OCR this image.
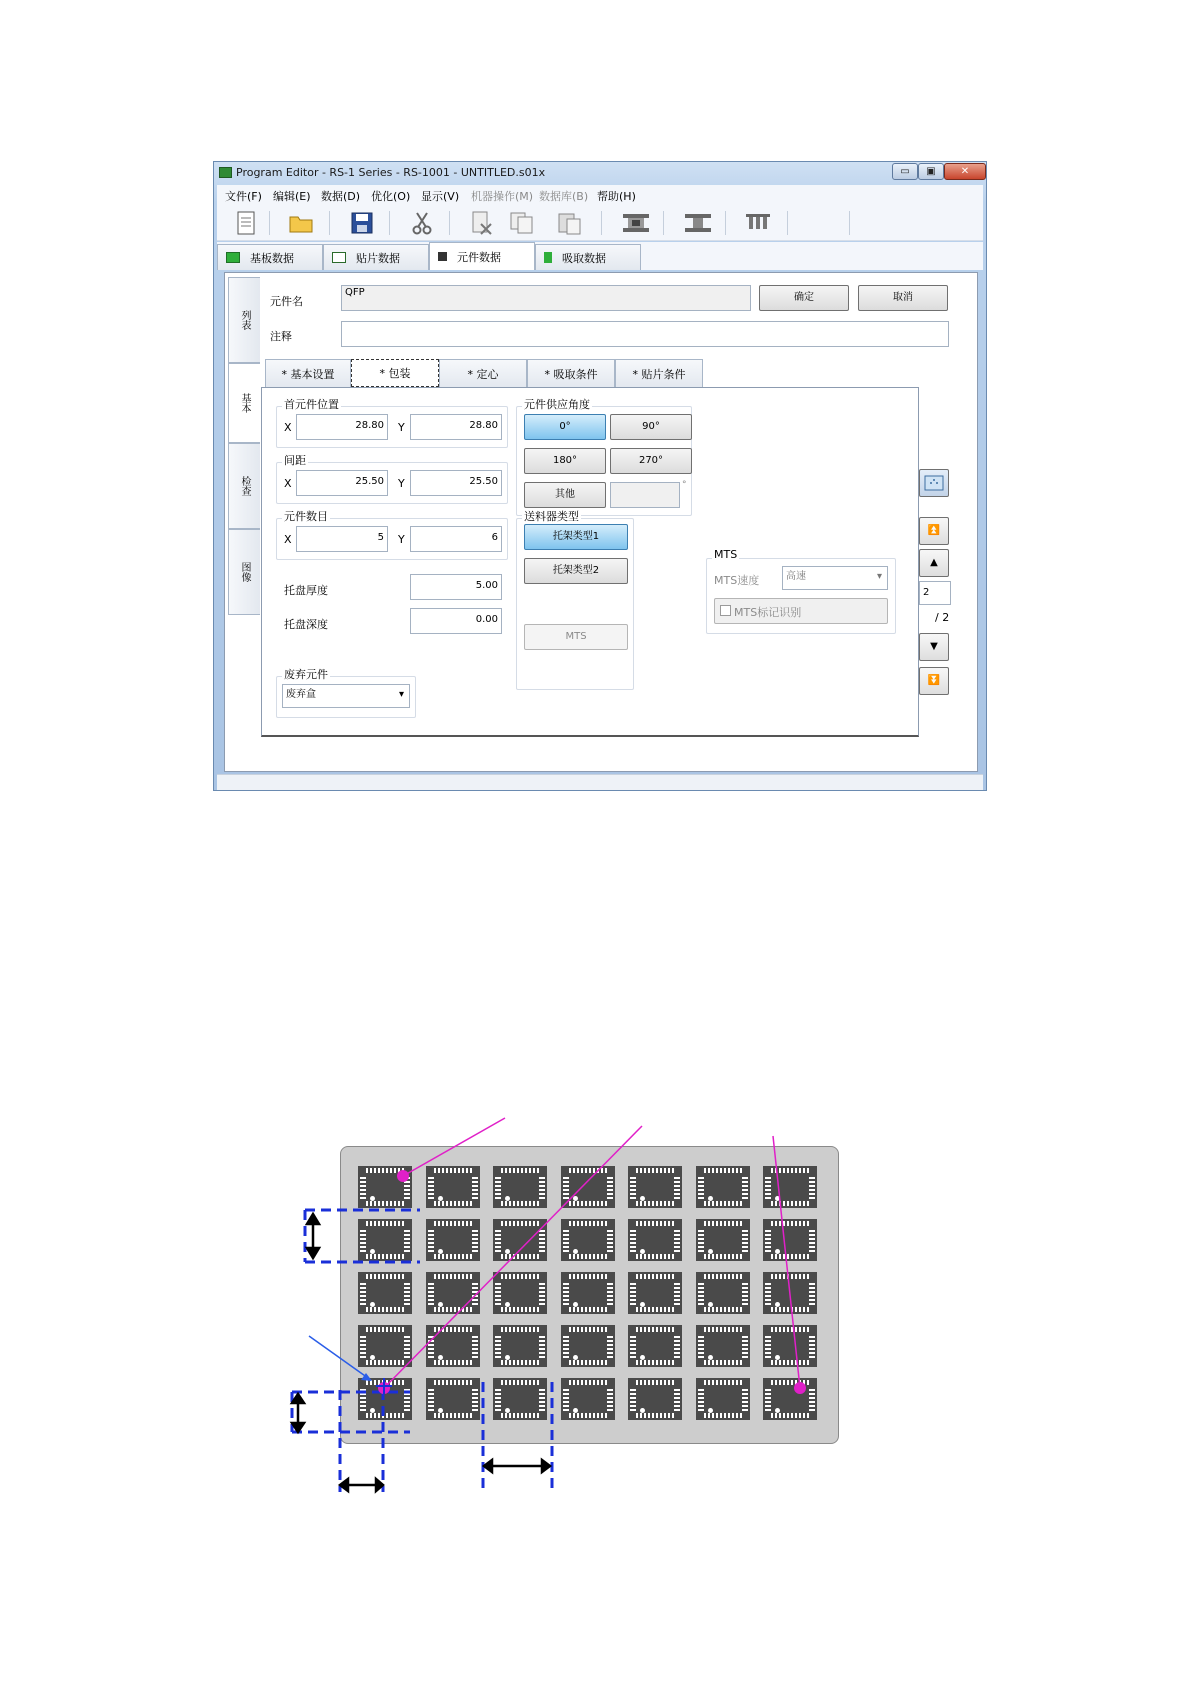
Program Editor - RS-1 Series - RS-1001 - UNTITLED.s01x	▭	▣	✕
文件(F) 编辑(E) 数据(D) 优化(O) 显示(V) 机器操作(M) 数据库(B) 帮助(H)
基板数据	贴片数据	元件数据	吸取数据
列表
基本
检查
图像
元件名
QFP	确定	取消
注释
* 基本设置	* 包装	* 定心	* 吸取条件	* 贴片条件
首元件位置
X	28.80	Y	28.80
间距
X	25.50	Y	25.50
元件数目
X	5	Y	6
托盘厚度	5.00
托盘深度	0.00
废弃元件
废弃盒	▾
元件供应角度
0°	90°
180°	270°
其他
°
送料器类型
托架类型1
托架类型2
MTS
MTS
MTS速度	高速	▾
MTS标记识别
⏫
▲
2
/ 2
▼
⏬
